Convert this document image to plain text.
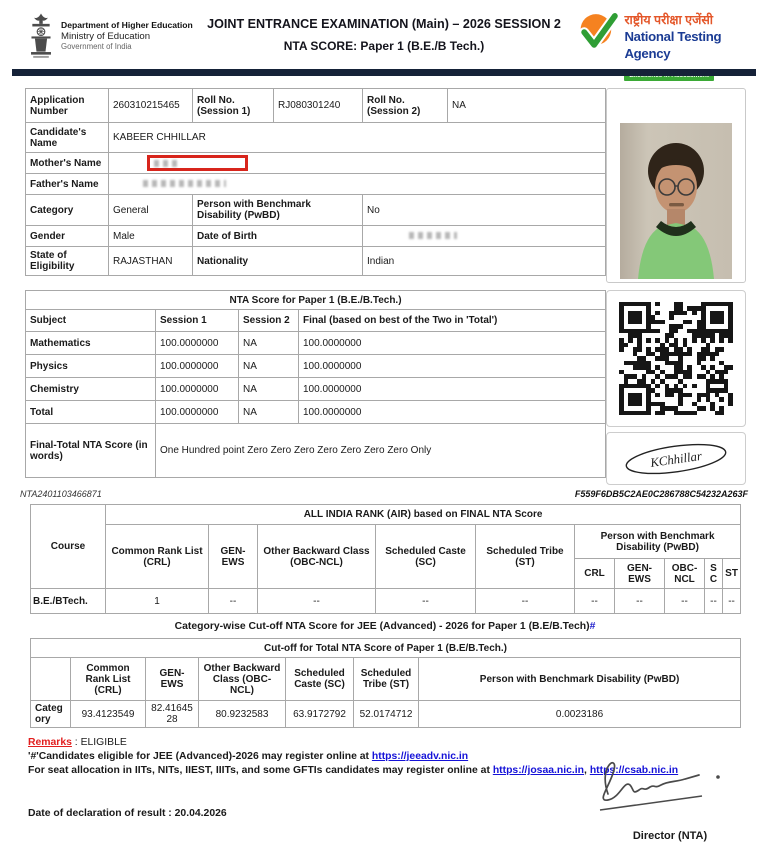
Department of Higher Education
Ministry of Education
Government of India
JOINT ENTRANCE EXAMINATION (Main) – 2026 SESSION 2
NTA SCORE: Paper 1 (B.E./B Tech.)
राष्ट्रीय परीक्षा एजेंसी
National Testing Agency
Application Number	260310215465	Roll No. (Session 1)	RJ080301240	Roll No. (Session 2)	NA
Candidate's Name	KABEER CHHILLAR				
Mother's Name					

Father's Name					
Category	General	Person with Benchmark Disability (PwBD)		No	
Gender	Male	Date of Birth			
State of Eligibility	RAJASTHAN	Nationality		Indian	
NTA Score for Paper 1 (B.E./B.Tech.)			
Subject	Session 1	Session 2	Final (based on best of the Two in 'Total')
Mathematics	100.0000000	NA	100.0000000
Physics	100.0000000	NA	100.0000000
Chemistry	100.0000000	NA	100.0000000
Total	100.0000000	NA	100.0000000
Final-Total NTA Score (in words)	One Hundred point Zero Zero Zero Zero Zero Zero Zero Only			KChhillar
NTA2401103466871	F559F6DB5C2AE0C286788C54232A263F
Course	ALL INDIA RANK (AIR) based on FINAL NTA Score									
	Common Rank List (CRL)	GEN-EWS	Other Backward Class (OBC-NCL)	Scheduled Caste (SC)	Scheduled Tribe (ST)	Person with Benchmark Disability (PwBD)				
						CRL	GEN-EWS	OBC-NCL	SC	ST
B.E./BTech.	1	--	--	--	--	--	--	--	--	--
Category-wise Cut-off NTA Score for JEE (Advanced) - 2026 for Paper 1 (B.E/B.Tech)#
Cut-off for Total NTA Score of Paper 1 (B.E/B.Tech.)						
	Common Rank List (CRL)	GEN-EWS	Other Backward Class (OBC-NCL)	Scheduled Caste (SC)	Scheduled Tribe (ST)	Person with Benchmark Disability (PwBD)
Category	93.4123549	82.4164528	80.9232583	63.9172792	52.0174712	0.0023186
Remarks : ELIGIBLE
'#'Candidates eligible for JEE (Advanced)-2026 may register online at https://jeeadv.nic.in
For seat allocation in IITs, NITs, IIEST, IIITs, and some GFTIs candidates may register online at https://josaa.nic.in, https://csab.nic.in
Date of declaration of result : 20.04.2026
Director (NTA)
